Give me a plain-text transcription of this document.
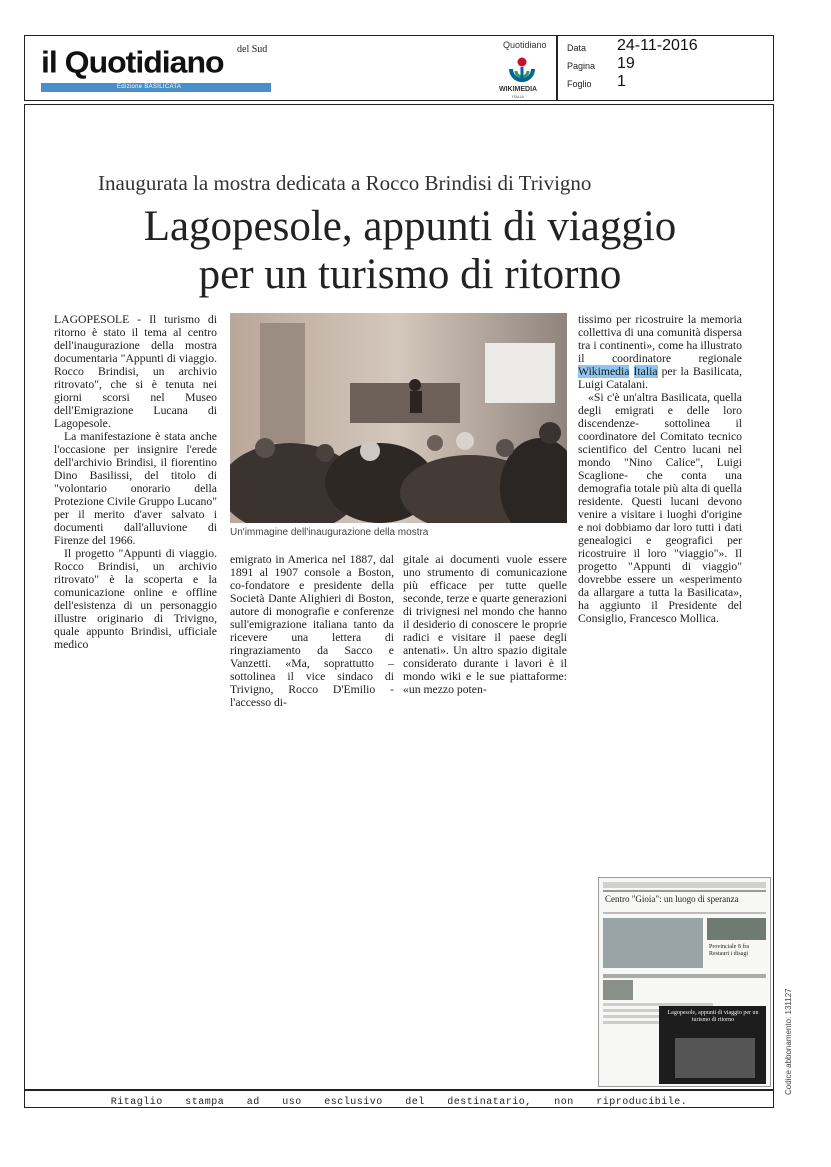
il Quotidiano del Sud
Edizione BASILICATA
Quotidiano
WIKIMEDIA
ITALIA
Data 24-11-2016
Pagina 19
Foglio 1
Inaugurata la mostra dedicata a Rocco Brindisi di Trivigno
Lagopesole, appunti di viaggio
per un turismo di ritorno

LAGOPESOLE - Il turismo di ritorno è stato il tema al centro dell'inaugurazione della mostra documentaria "Appunti di viaggio. Rocco Brindisi, un archivio ritrovato", che si è tenuta nei giorni scorsi nel Museo dell'Emigrazione Lucana di Lagopesole.

La manifestazione è stata anche l'occasione per insignire l'erede dell'archivio Brindisi, il fiorentino Dino Basilissi, del titolo di "volontario onorario della Protezione Civile Gruppo Lucano" per il merito d'aver salvato i documenti dall'alluvione di Firenze del 1966.

Il progetto "Appunti di viaggio. Rocco Brindisi, un archivio ritrovato" è la scoperta e la comunicazione online e offline dell'esistenza di un personaggio illustre originario di Trivigno, quale appunto Brindisi, ufficiale medico

Un'immagine dell'inaugurazione della mostra

emigrato in America nel 1887, dal 1891 al 1907 console a Boston, co-fondatore e presidente della Società Dante Alighieri di Boston, autore di monografie e conferenze sull'emigrazione italiana tanto da ricevere una lettera di ringraziamento da Sacco e Vanzetti. «Ma, soprattutto – sottolinea il vice sindaco di Trivigno, Rocco D'Emilio - l'accesso di-

gitale ai documenti vuole essere uno strumento di comunicazione più efficace per tutte quelle seconde, terze e quarte generazioni di trivignesi nel mondo che hanno il desiderio di conoscere le proprie radici e visitare il paese degli antenati». Un altro spazio digitale considerato durante i lavori è il mondo wiki e le sue piattaforme: «un mezzo poten-

tissimo per ricostruire la memoria collettiva di una comunità dispersa tra i continenti», come ha illustrato il coordinatore regionale Wikimedia Italia per la Basilicata, Luigi Catalani.

«Si c'è un'altra Basilicata, quella degli emigrati e delle loro discendenze- sottolinea il coordinatore del Comitato tecnico scientifico del Centro lucani nel mondo "Nino Calice", Luigi Scaglione- che conta una demografia totale più alta di quella residente. Questi lucani devono venire a visitare i luoghi d'origine e noi dobbiamo dar loro tutti i dati genealogici e geografici per ricostruire il loro "viaggio"». Il progetto "Appunti di viaggio" dovrebbe essere un «esperimento da allargare a tutta la Basilicata», ha aggiunto il Presidente del Consiglio, Francesco Mollica.

Centro "Gioia": un luogo di speranza
Provinciale 8 fra Restauri i disagi
Lagopesole, appunti di viaggio per un turismo di ritorno
Ritaglio stampa ad uso esclusivo del destinatario, non riproducibile.
Codice abbonamento: 131127
